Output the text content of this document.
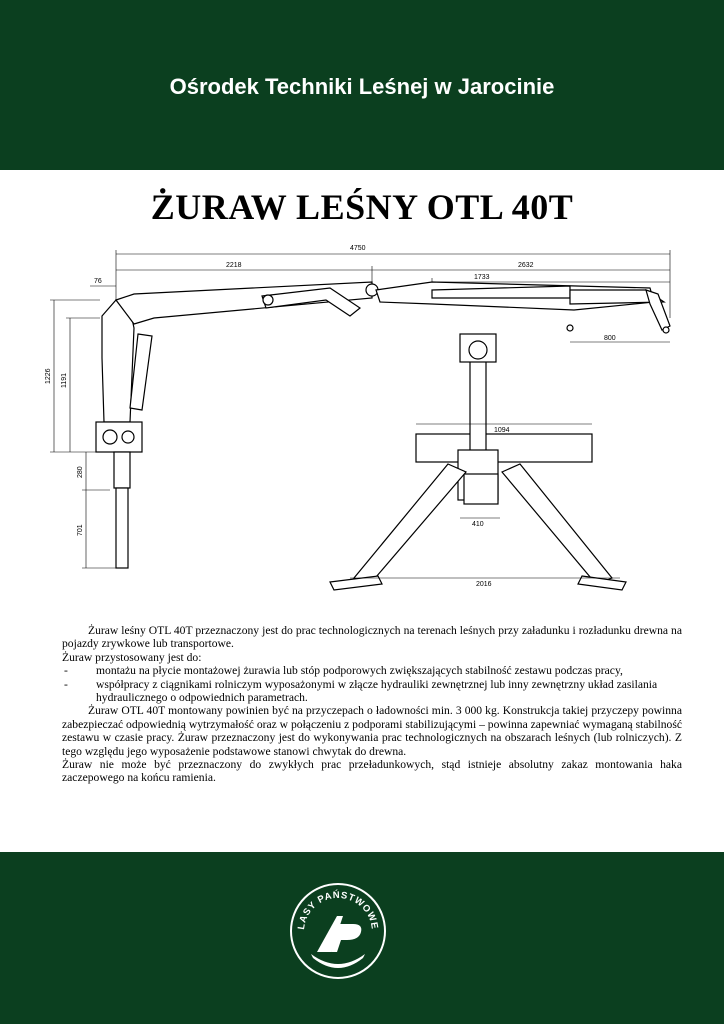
Ośrodek Techniki Leśnej w Jarocinie
ŻURAW LEŚNY OTL 40T
4750
2218	2632
1733
76
800
1226 1191
280
701
1094
410
2016

Żuraw leśny OTL 40T przeznaczony jest do prac technologicznych na terenach leśnych przy załadunku i rozładunku drewna na pojazdy zrywkowe lub transportowe.

Żuraw przystosowany jest do:

-	montażu na płycie montażowej żurawia lub stóp podporowych zwiększających stabilność zestawu podczas pracy,
-	współpracy z ciągnikami rolniczym wyposażonymi w złącze hydrauliki zewnętrznej lub inny zewnętrzny układ zasilania hydraulicznego o odpowiednich parametrach.

Żuraw OTL 40T montowany powinien być na przyczepach o ładowności min. 3 000 kg. Konstrukcja takiej przyczepy powinna zabezpieczać odpowiednią wytrzymałość oraz w połączeniu z podporami stabilizującymi – powinna zapewniać wymaganą stabilność zestawu w czasie pracy. Żuraw przeznaczony jest do wykonywania prac technologicznych na obszarach leśnych (lub rolniczych). Z tego względu jego wyposażenie podstawowe stanowi chwytak do drewna.

Żuraw nie może być przeznaczony do zwykłych prac przeładunkowych, stąd istnieje absolutny zakaz montowania haka zaczepowego na końcu ramienia.

LASY PAŃSTWOWE
